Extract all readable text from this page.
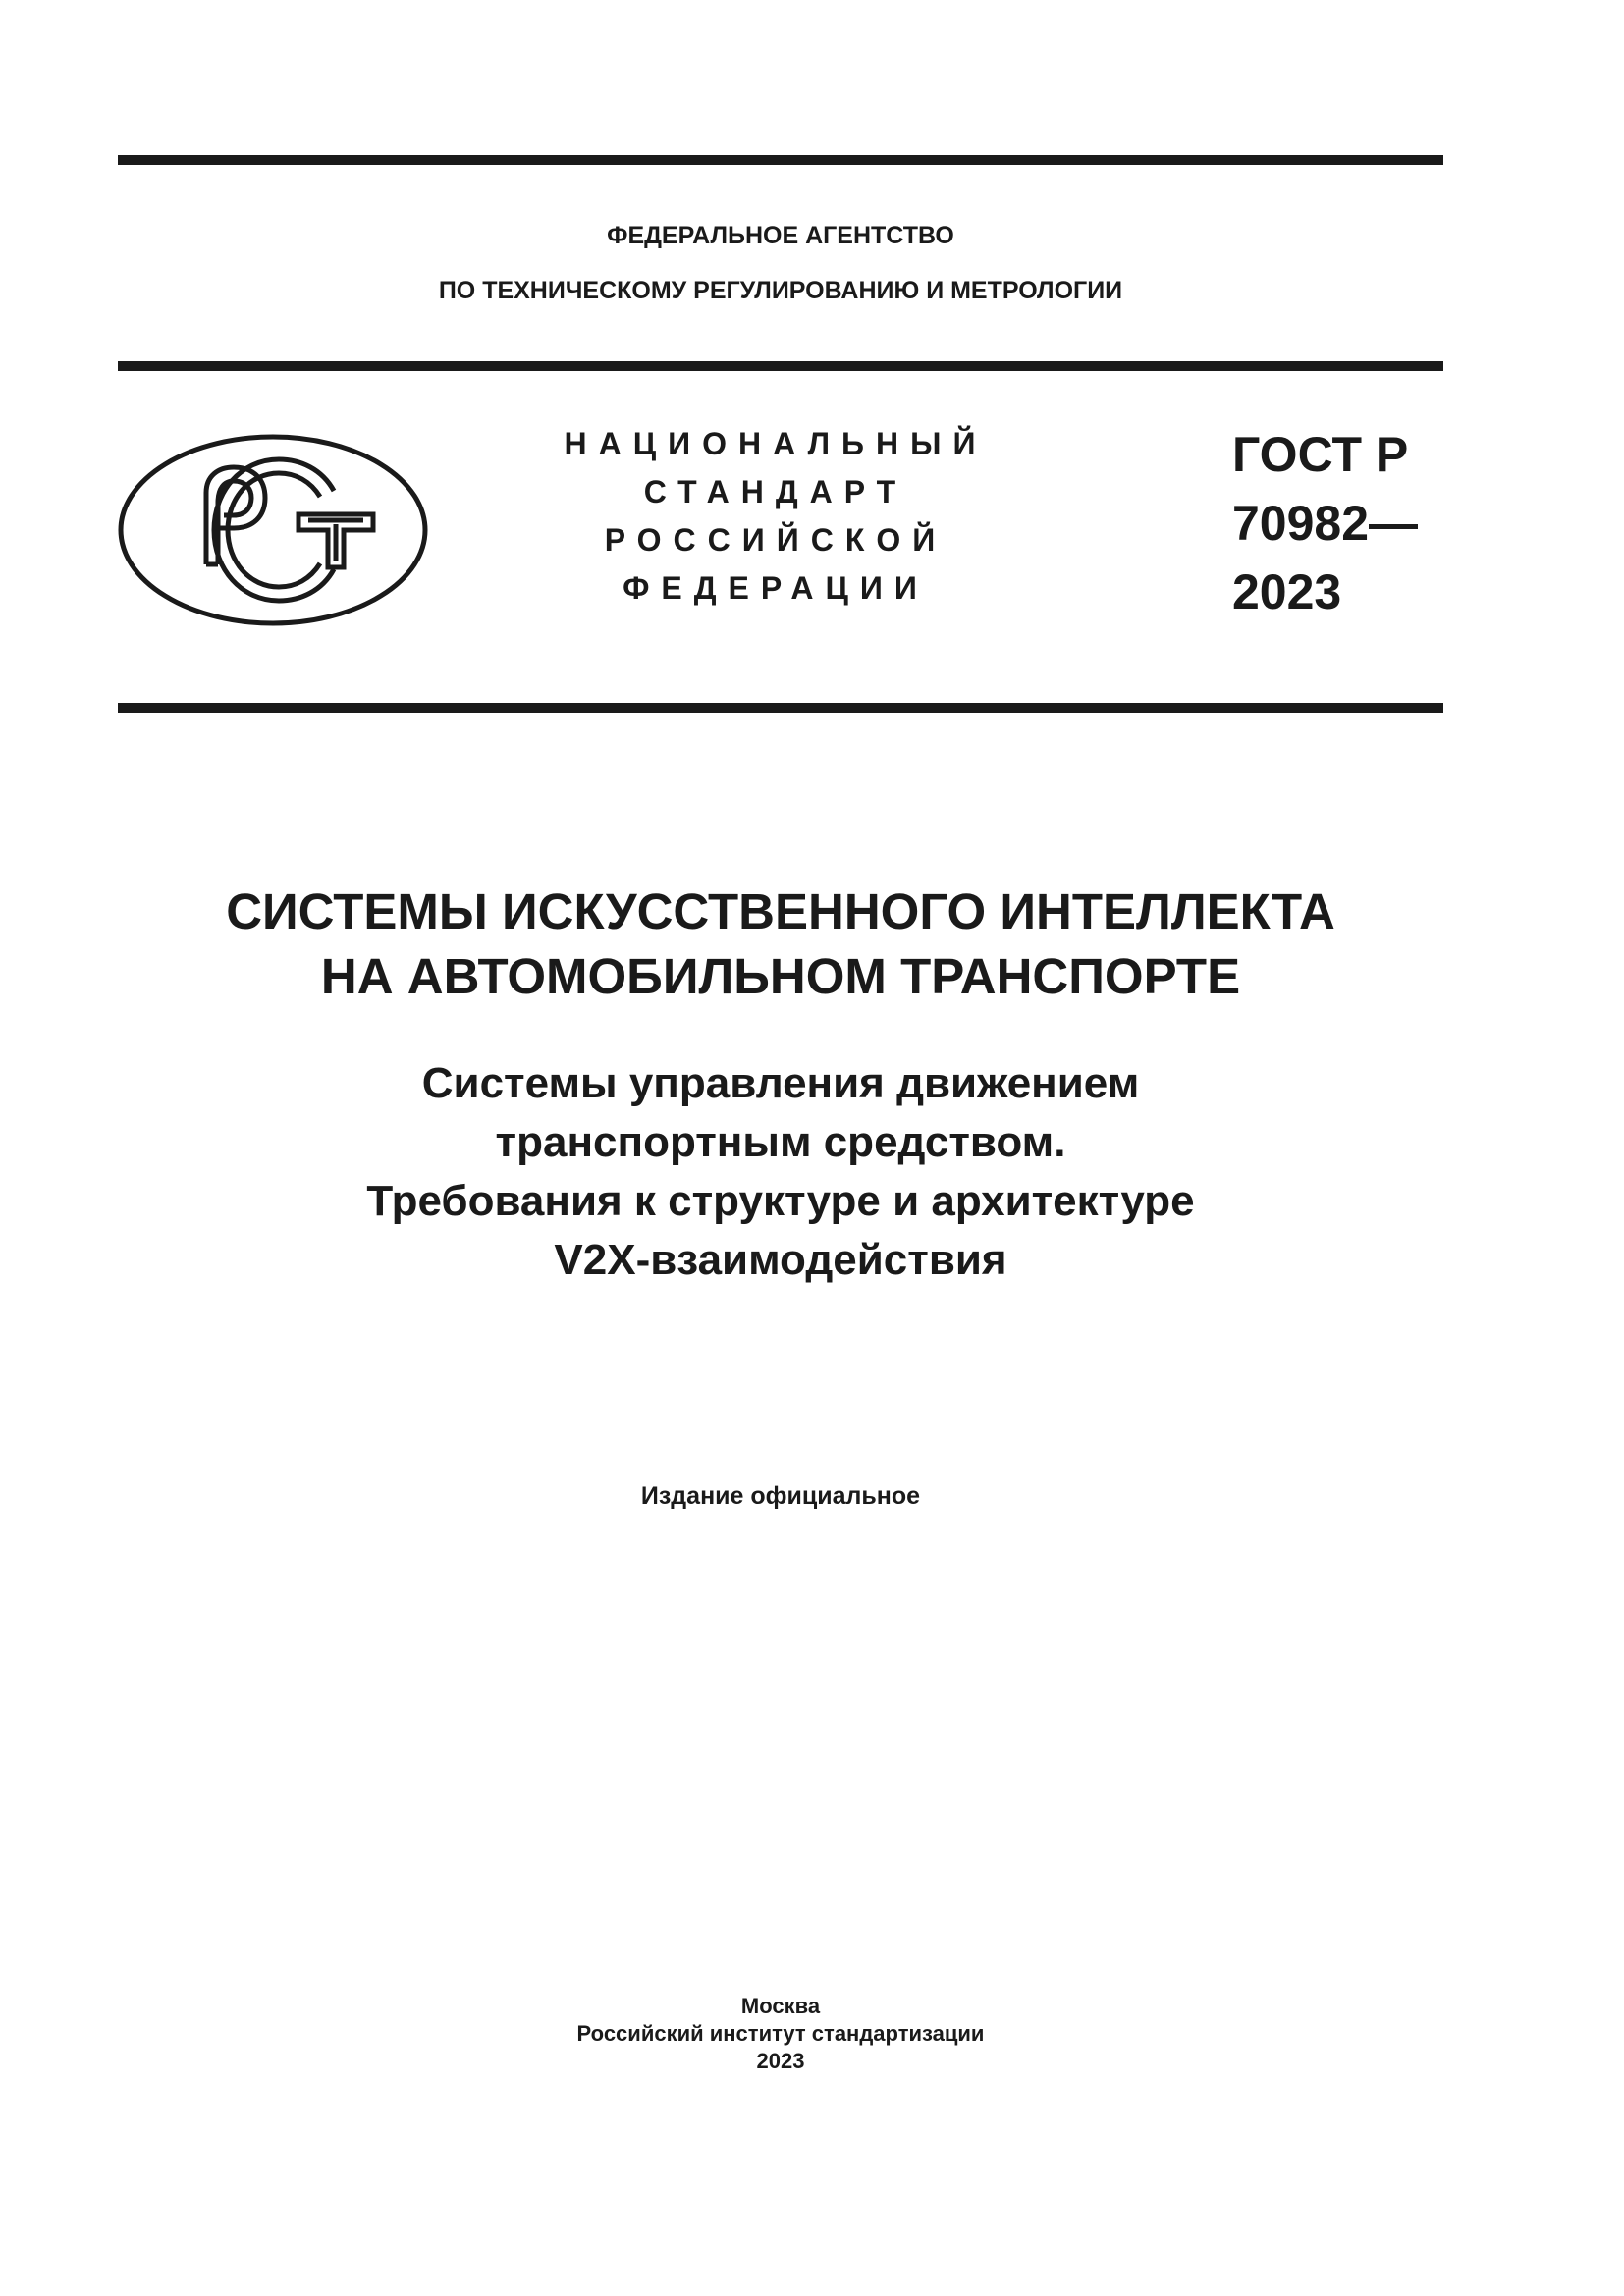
ФЕДЕРАЛЬНОЕ АГЕНТСТВО
ПО ТЕХНИЧЕСКОМУ РЕГУЛИРОВАНИЮ И МЕТРОЛОГИИ
НАЦИОНАЛЬНЫЙ
СТАНДАРТ
РОССИЙСКОЙ
ФЕДЕРАЦИИ
ГОСТ Р
70982—
2023
СИСТЕМЫ ИСКУССТВЕННОГО ИНТЕЛЛЕКТА
НА АВТОМОБИЛЬНОМ ТРАНСПОРТЕ
Системы управления движением
транспортным средством.
Требования к структуре и архитектуре
V2X-взаимодействия
Издание официальное
Москва
Российский институт стандартизации
2023
